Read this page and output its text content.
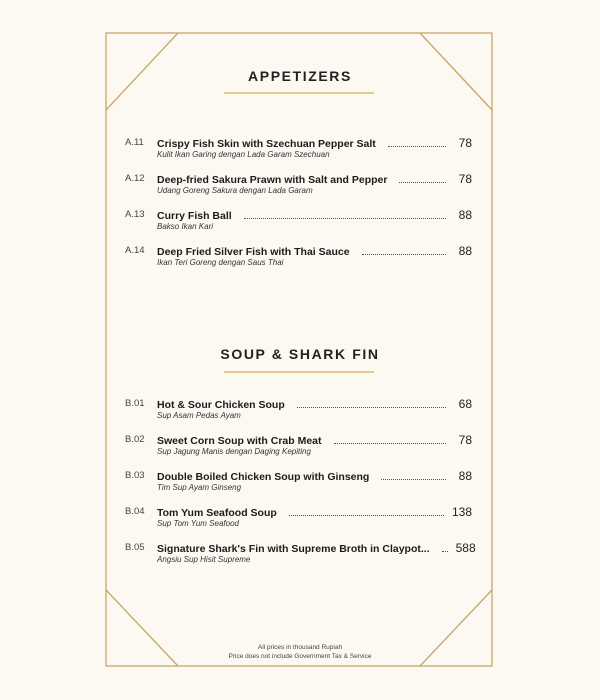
APPETIZERS
A.11 Crispy Fish Skin with Szechuan Pepper Salt	78
Kulit Ikan Garing dengan Lada Garam Szechuan
A.12 Deep-fried Sakura Prawn with Salt and Pepper	78
Udang Goreng Sakura dengan Lada Garam
A.13 Curry Fish Ball	88
Bakso Ikan Kari
A.14 Deep Fried Silver Fish with Thai Sauce	88
Ikan Teri Goreng dengan Saus Thai
SOUP & SHARK FIN
B.01 Hot & Sour Chicken Soup	68
Sup Asam Pedas Ayam
B.02 Sweet Corn Soup with Crab Meat	78
Sup Jagung Manis dengan Daging Kepiting
B.03 Double Boiled Chicken Soup with Ginseng	88
Tim Sup Ayam Ginseng
B.04 Tom Yum Seafood Soup	138
Sup Tom Yum Seafood
B.05 Signature Shark's Fin with Supreme Broth in Claypot... 588
Angsiu Sup Hisit Supreme
All prices in thousand Rupiah
Price does not include Government Tax & Service
